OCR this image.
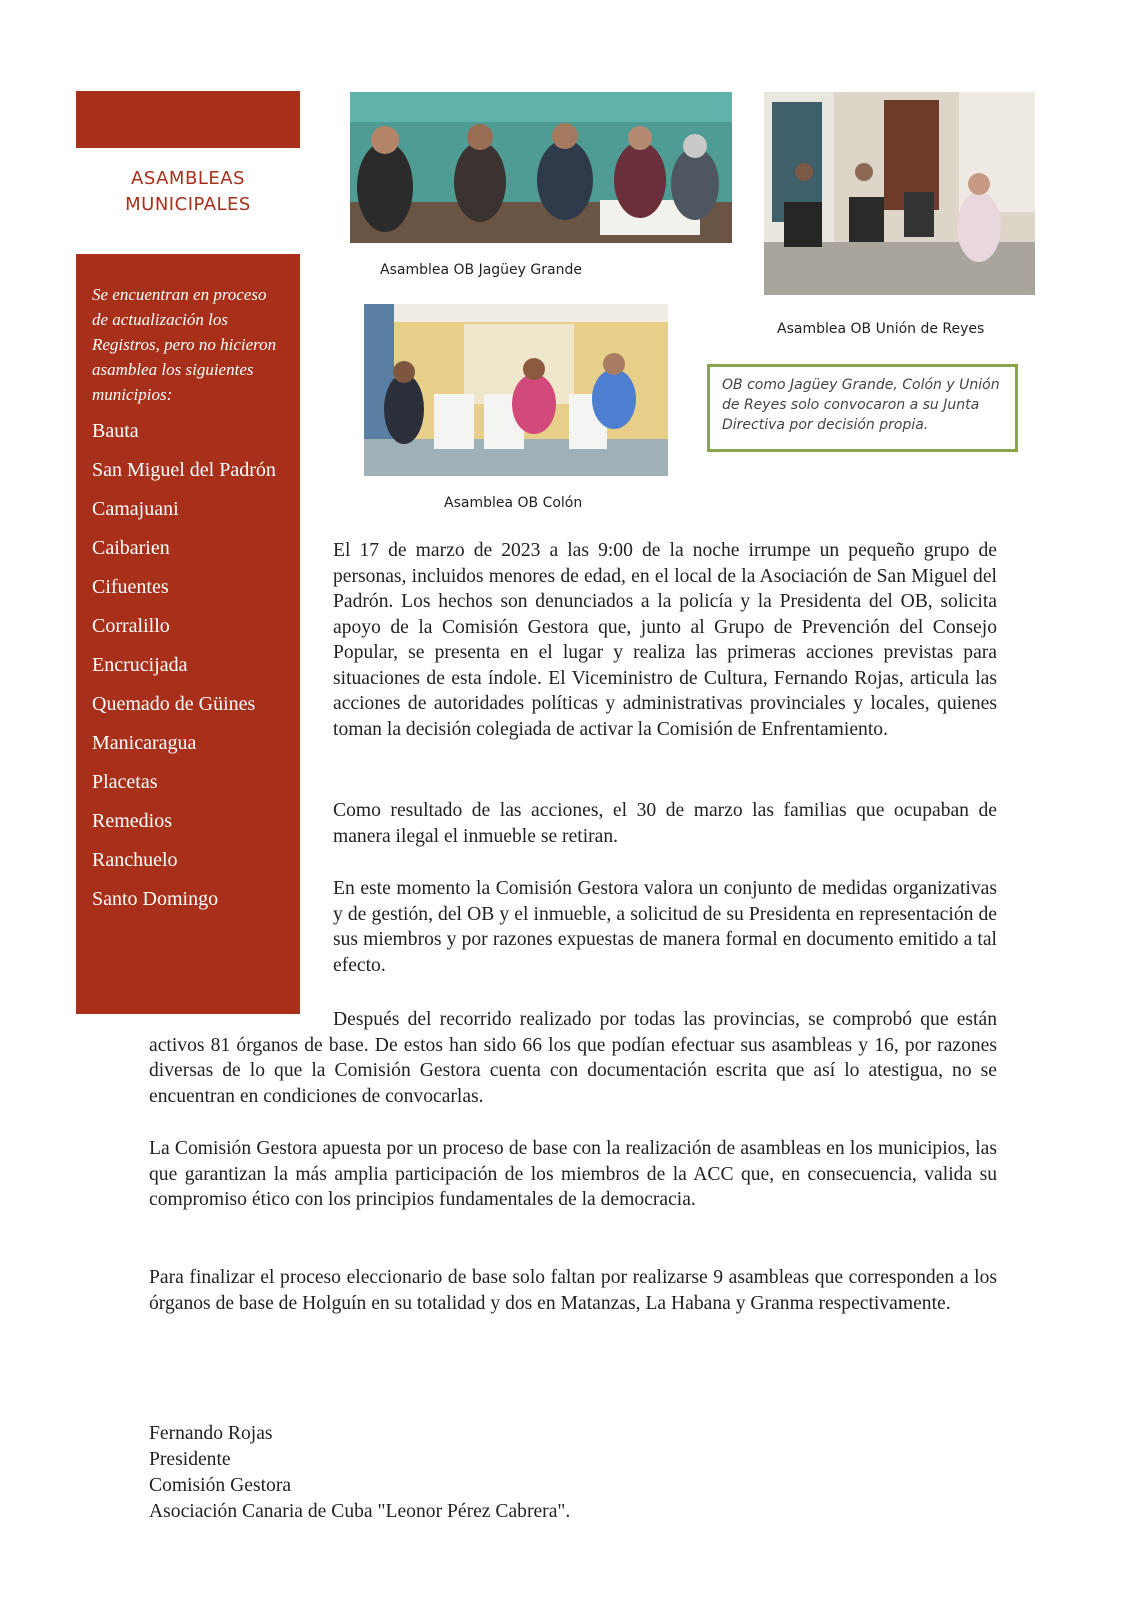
ASAMBLEAS
MUNICIPALES

Se encuentran en proceso de actualización los Registros, pero no hicieron asamblea los siguientes municipios:

Bauta
San Miguel del Padrón
Camajuani
Caibarien
Cifuentes
Corralillo
Encrucijada
Quemado de Güines
Manicaragua
Placetas
Remedios
Ranchuelo
Santo Domingo
Asamblea OB Jagüey Grande
Asamblea OB Unión de Reyes
Asamblea OB Colón
OB como Jagüey Grande, Colón y Unión de Reyes solo convocaron a su Junta Directiva por decisión propia.

El 17 de marzo de 2023 a las 9:00 de la noche irrumpe un pequeño grupo de personas, incluidos menores de edad, en el local de la Asociación de San Miguel del Padrón. Los hechos son denunciados a la policía y la Presidenta del OB, solicita apoyo de la Comisión Gestora que, junto al Grupo de Prevención del Consejo Popular, se presenta en el lugar y realiza las primeras acciones previstas para situaciones de esta índole. El Viceministro de Cultura, Fernando Rojas, articula las acciones de autoridades políticas y administrativas provinciales y locales, quienes toman la decisión colegiada de activar la Comisión de Enfrentamiento.

Como resultado de las acciones, el 30 de marzo las familias que ocupaban de manera ilegal el inmueble se retiran.

En este momento la Comisión Gestora valora un conjunto de medidas organizativas y de gestión, del OB y el inmueble, a solicitud de su Presidenta en representación de sus miembros y por razones expuestas de manera formal en documento emitido a tal efecto.

Después del recorrido realizado por todas las provincias, se comprobó que están activos 81 órganos de base. De estos han sido 66 los que podían efectuar sus asambleas y 16, por razones diversas de lo que la Comisión Gestora cuenta con documentación escrita que así lo atestigua, no se encuentran en condiciones de convocarlas.

La Comisión Gestora apuesta por un proceso de base con la realización de asambleas en los municipios, las que garantizan la más amplia participación de los miembros de la ACC que, en consecuencia, valida su compromiso ético con los principios fundamentales de la democracia.

Para finalizar el proceso eleccionario de base solo faltan por realizarse 9 asambleas que corresponden a los órganos de base de Holguín en su totalidad y dos en Matanzas, La Habana y Granma respectivamente.

Fernando Rojas
Presidente
Comisión Gestora
Asociación Canaria de Cuba "Leonor Pérez Cabrera".
